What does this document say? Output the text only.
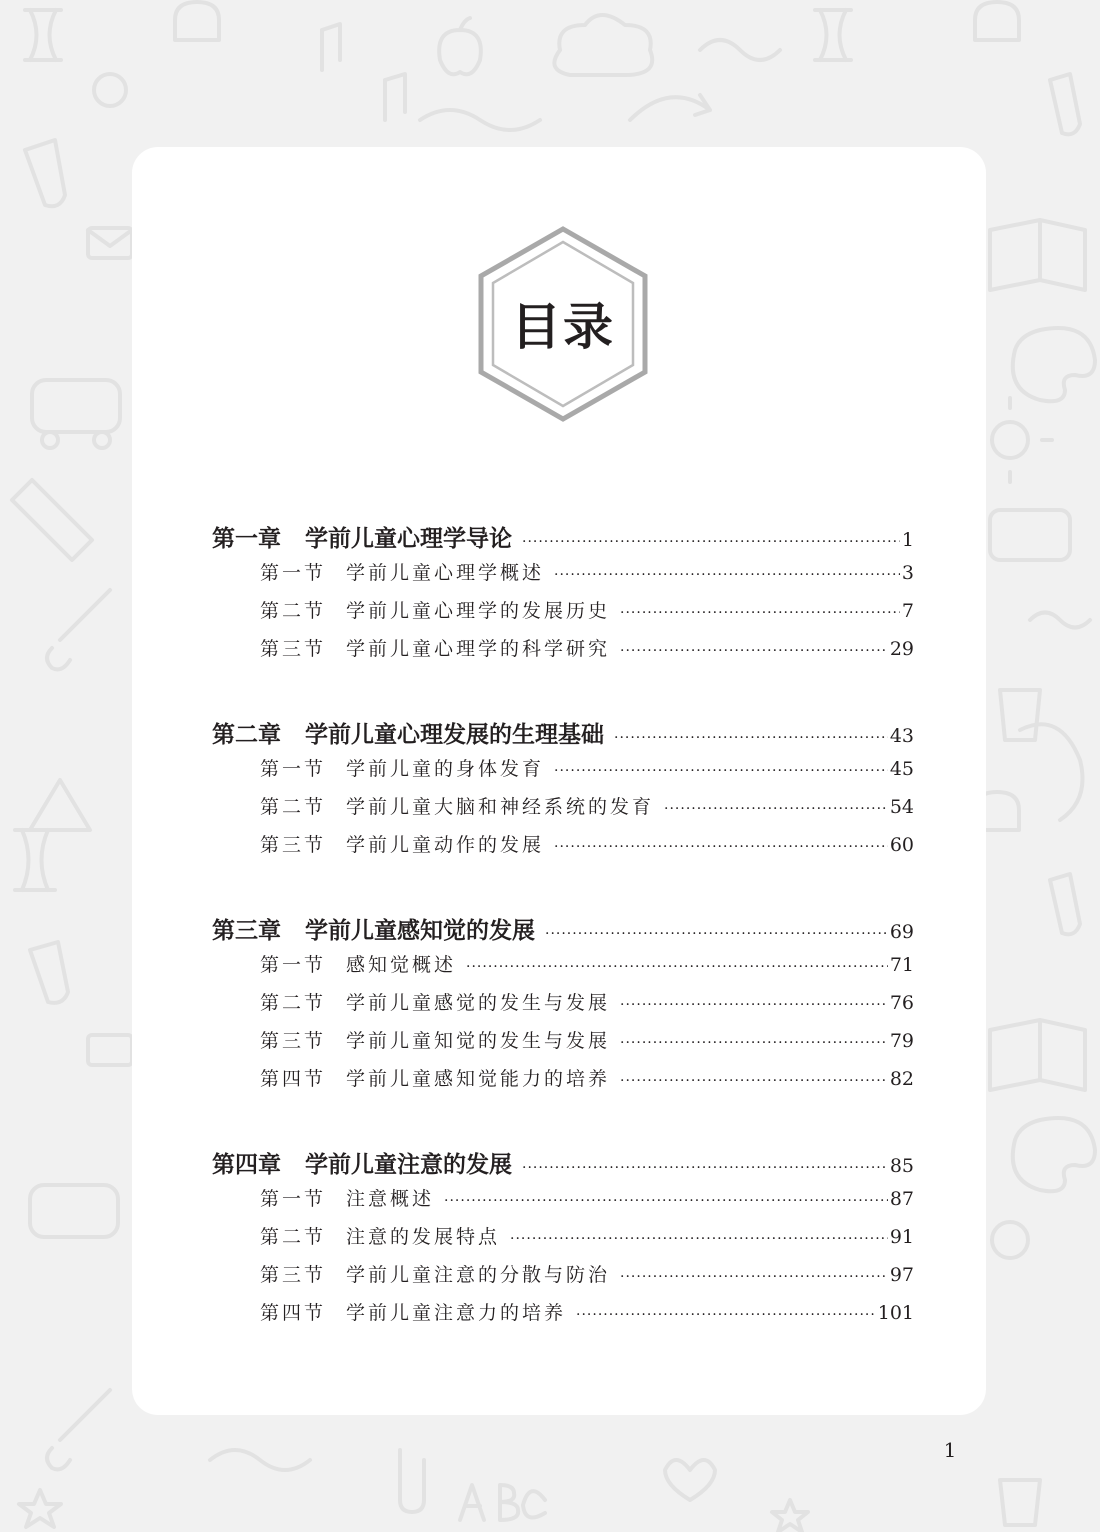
目录
第一章 学前儿童心理学导论 ·····	1
第一节 学前儿童心理学概述 ·····	3
第二节 学前儿童心理学的发展历史 ·····	7
第三节 学前儿童心理学的科学研究 ·····	29
第二章 学前儿童心理发展的生理基础 ·····	43
第一节 学前儿童的身体发育 ·····	45
第二节 学前儿童大脑和神经系统的发育 ·····	54
第三节 学前儿童动作的发展 ·····	60
第三章 学前儿童感知觉的发展 ·····	69
第一节 感知觉概述 ·····	71
第二节 学前儿童感觉的发生与发展 ·····	76
第三节 学前儿童知觉的发生与发展 ·····	79
第四节 学前儿童感知觉能力的培养 ·····	82
第四章 学前儿童注意的发展 ·····	85
第一节 注意概述 ·····	87
第二节 注意的发展特点 ·····	91
第三节 学前儿童注意的分散与防治 ·····	97
第四节 学前儿童注意力的培养 ·····	101
1
